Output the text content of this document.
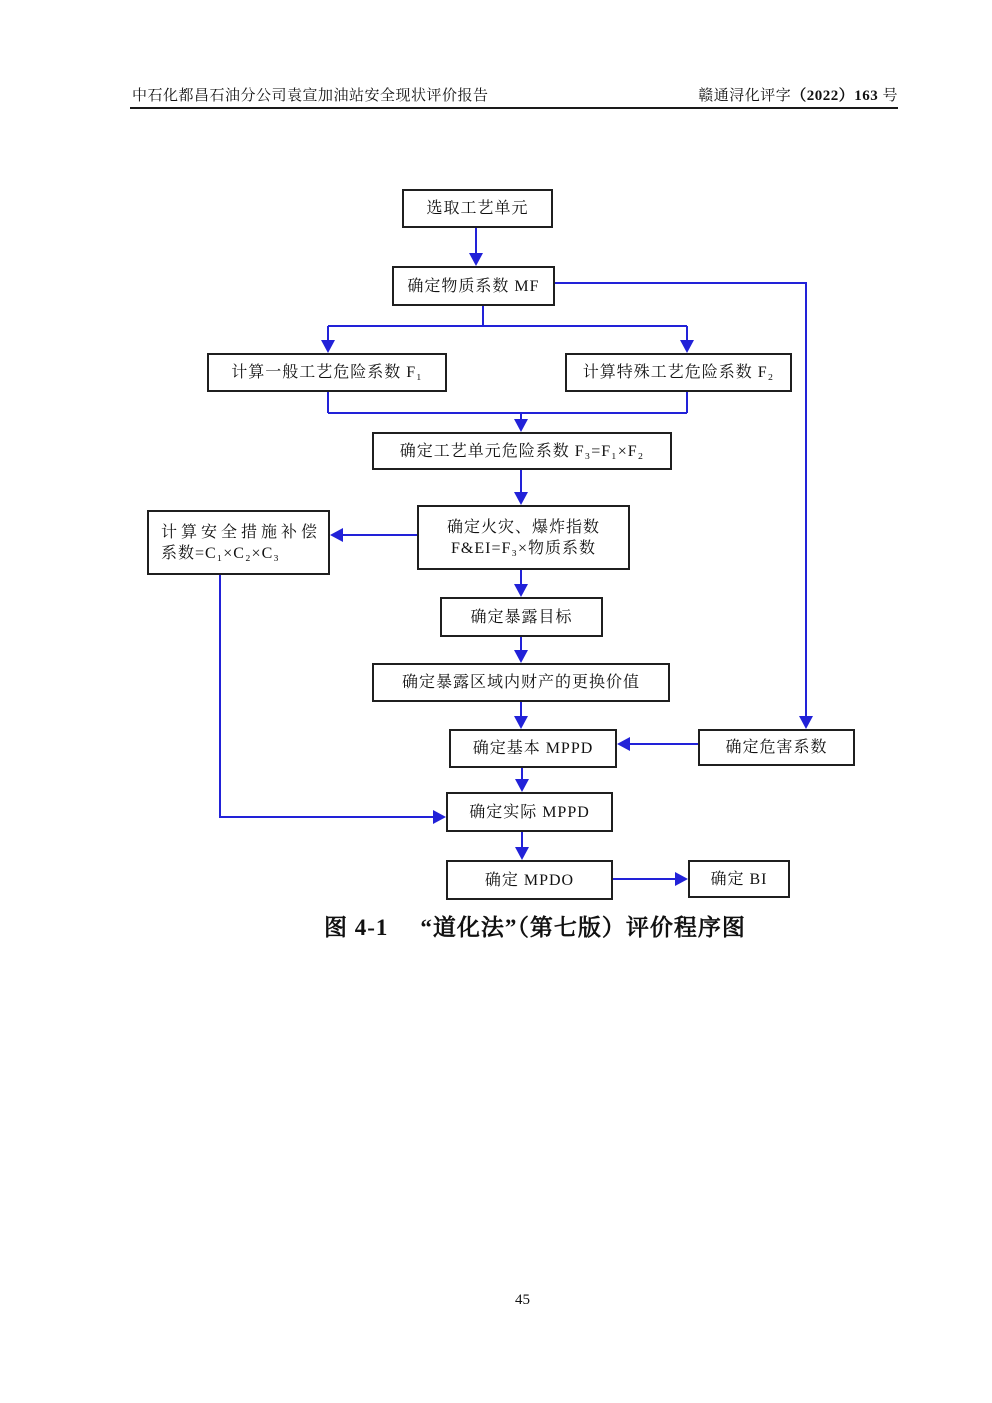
中石化都昌石油分公司袁宣加油站安全现状评价报告	赣通浔化评字（2022）163 号
选取工艺单元
确定物质系数 MF
计算一般工艺危险系数 F₁	计算特殊工艺危险系数 F₂
确定工艺单元危险系数 F₃=F₁×F₂
确定火灾、爆炸指数
F&EI=F₃×物质系数
计算安全措施补偿
系数=C₁×C₂×C₃
确定暴露目标
确定暴露区域内财产的更换价值
确定基本 MPPD	确定危害系数
确定实际 MPPD
确定 MPDO	确定 BI
图 4-1 “道化法”（第七版）评价程序图
45
